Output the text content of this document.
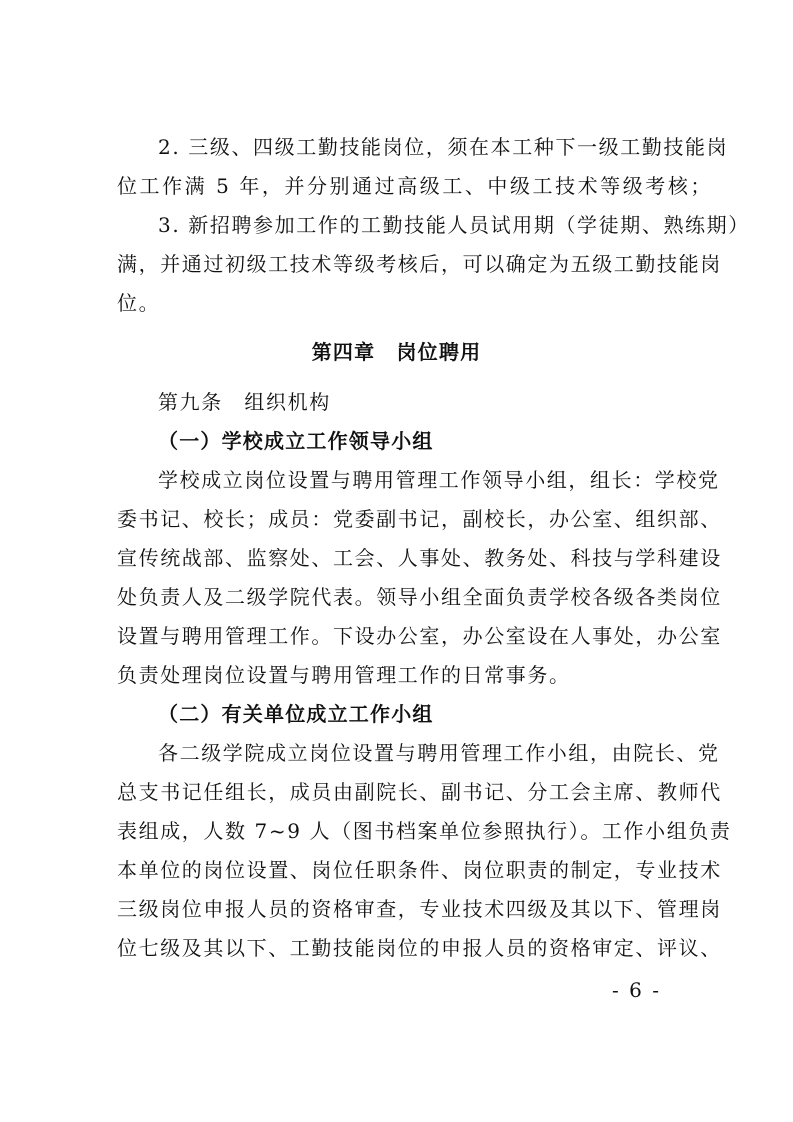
2. 三级、四级工勤技能岗位，须在本工种下一级工勤技能岗
位工作满 5 年，并分别通过高级工、中级工技术等级考核；
3. 新招聘参加工作的工勤技能人员试用期（学徒期、熟练期）
满，并通过初级工技术等级考核后，可以确定为五级工勤技能岗
位。
第四章　岗位聘用
第九条　组织机构
（一）学校成立工作领导小组
学校成立岗位设置与聘用管理工作领导小组，组长：学校党
委书记、校长；成员：党委副书记，副校长，办公室、组织部、
宣传统战部、监察处、工会、人事处、教务处、科技与学科建设
处负责人及二级学院代表。领导小组全面负责学校各级各类岗位
设置与聘用管理工作。下设办公室，办公室设在人事处，办公室
负责处理岗位设置与聘用管理工作的日常事务。
（二）有关单位成立工作小组
各二级学院成立岗位设置与聘用管理工作小组，由院长、党
总支书记任组长，成员由副院长、副书记、分工会主席、教师代
表组成，人数 7~9 人（图书档案单位参照执行）。工作小组负责
本单位的岗位设置、岗位任职条件、岗位职责的制定，专业技术
三级岗位申报人员的资格审查，专业技术四级及其以下、管理岗
位七级及其以下、工勤技能岗位的申报人员的资格审定、评议、
- 6 -
